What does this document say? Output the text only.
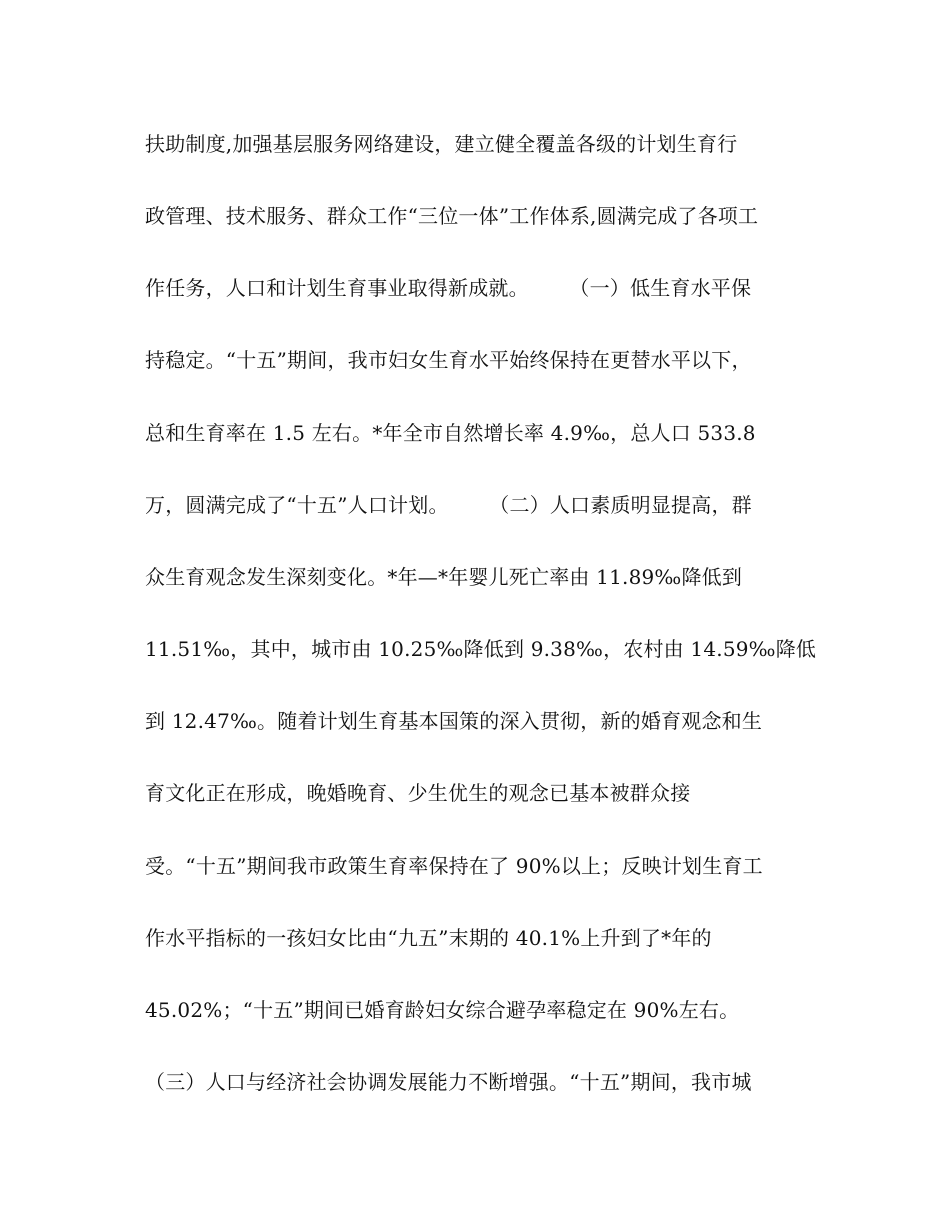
扶助制度,加强基层服务网络建设，建立健全覆盖各级的计划生育行
政管理、技术服务、群众工作“三位一体”工作体系,圆满完成了各项工
作任务，人口和计划生育事业取得新成就。　　　（一）低生育水平保
持稳定。“十五”期间，我市妇女生育水平始终保持在更替水平以下，
总和生育率在 1.5 左右。*年全市自然增长率 4.9‰，总人口 533.8
万，圆满完成了“十五”人口计划。　　　（二）人口素质明显提高，群
众生育观念发生深刻变化。*年—*年婴儿死亡率由 11.89‰降低到
11.51‰，其中，城市由 10.25‰降低到 9.38‰，农村由 14.59‰降低
到 12.47‰。随着计划生育基本国策的深入贯彻，新的婚育观念和生
育文化正在形成，晚婚晚育、少生优生的观念已基本被群众接
受。“十五”期间我市政策生育率保持在了 90%以上；反映计划生育工
作水平指标的一孩妇女比由“九五”末期的 40.1%上升到了*年的
45.02%；“十五”期间已婚育龄妇女综合避孕率稳定在 90%左右。
（三）人口与经济社会协调发展能力不断增强。“十五”期间，我市城
